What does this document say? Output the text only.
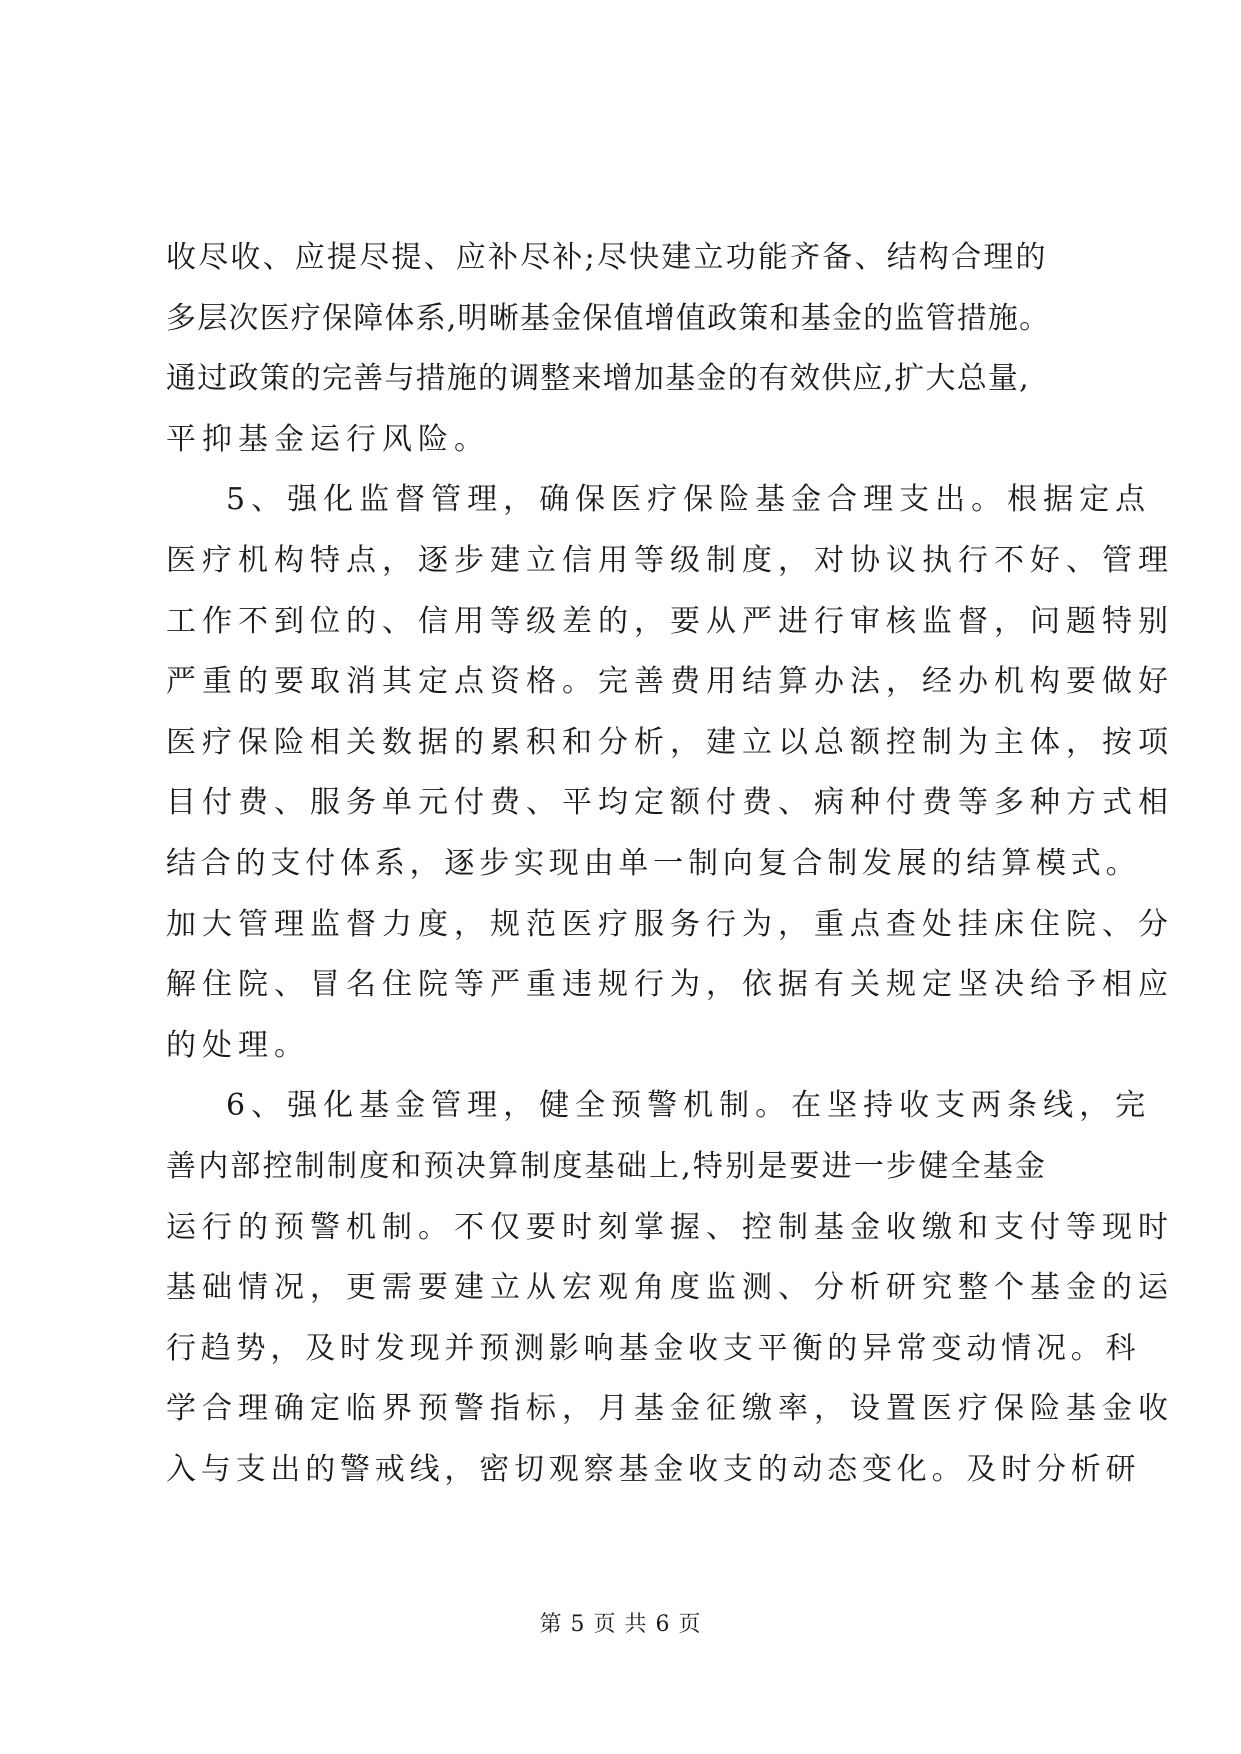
收尽收、应提尽提、应补尽补;尽快建立功能齐备、结构合理的
多层次医疗保障体系,明晰基金保值增值政策和基金的监管措施。
通过政策的完善与措施的调整来增加基金的有效供应,扩大总量,
平抑基金运行风险。
5、强化监督管理，确保医疗保险基金合理支出。根据定点
医疗机构特点，逐步建立信用等级制度，对协议执行不好、管理
工作不到位的、信用等级差的，要从严进行审核监督，问题特别
严重的要取消其定点资格。完善费用结算办法，经办机构要做好
医疗保险相关数据的累积和分析，建立以总额控制为主体，按项
目付费、服务单元付费、平均定额付费、病种付费等多种方式相
结合的支付体系，逐步实现由单一制向复合制发展的结算模式。
加大管理监督力度，规范医疗服务行为，重点查处挂床住院、分
解住院、冒名住院等严重违规行为，依据有关规定坚决给予相应
的处理。
6、强化基金管理，健全预警机制。在坚持收支两条线，完
善内部控制制度和预决算制度基础上,特别是要进一步健全基金
运行的预警机制。不仅要时刻掌握、控制基金收缴和支付等现时
基础情况，更需要建立从宏观角度监测、分析研究整个基金的运
行趋势，及时发现并预测影响基金收支平衡的异常变动情况。科
学合理确定临界预警指标，月基金征缴率，设置医疗保险基金收
入与支出的警戒线，密切观察基金收支的动态变化。及时分析研
第 5 页 共 6 页
